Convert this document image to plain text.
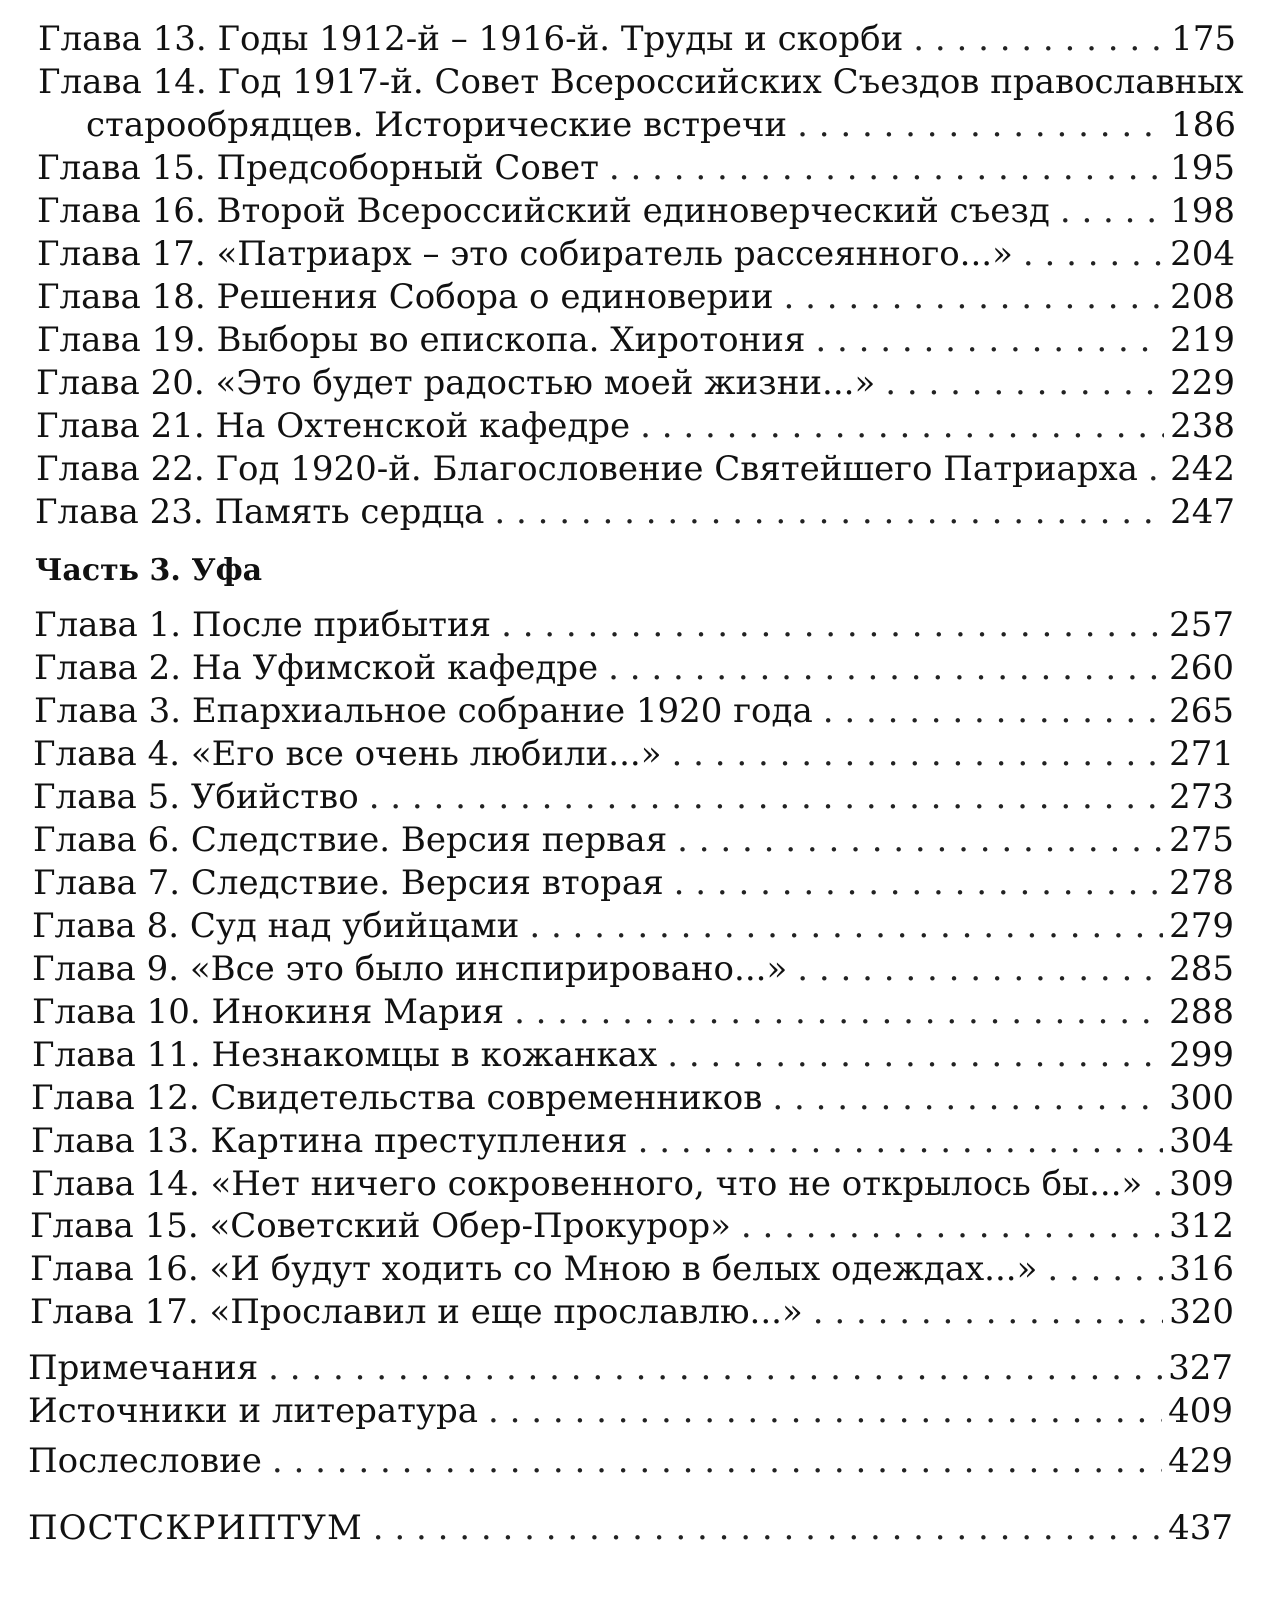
Глава 13. Годы 1912-й – 1916-й. Труды и скорби . . .	175
Глава 14. Год 1917-й. Совет Всероссийских Съездов православных
староoбрядцев. Исторические встречи . . .	186
Глава 15. Предсоборный Совет . . .	195
Глава 16. Второй Всероссийский единоверческий съезд . . .	198
Глава 17. «Патриарх – это собиратель рассеянного...» . . .	204
Глава 18. Решения Собора о единоверии . . .	208
Глава 19. Выборы во епископа. Хиротония . . .	219
Глава 20. «Это будет радостью моей жизни...» . . .	229
Глава 21. На Охтенской кафедре . . .	238
Глава 22. Год 1920-й. Благословение Святейшего Патриарха . . . 242
Глава 23. Память сердца . . .	247
Часть 3. Уфа
Глава 1. После прибытия . . .	257
Глава 2. На Уфимской кафедре . . .	260
Глава 3. Епархиальное собрание 1920 года . . .	265
Глава 4. «Его все очень любили...» . . .	271
Глава 5. Убийство . . .	273
Глава 6. Следствие. Версия первая . . .	275
Глава 7. Следствие. Версия вторая . . .	278
Глава 8. Суд над убийцами . . .	279
Глава 9. «Все это было инспирировано...» . . .	285
Глава 10. Инокиня Мария . . .	288
Глава 11. Незнакомцы в кожанках . . .	299
Глава 12. Свидетельства современников . . .	300
Глава 13. Картина преступления . . .	304
Глава 14. «Нет ничего сокровенного, что не открылось бы...» . . . 309
Глава 15. «Советский Обер-Прокурор» . . .	312
Глава 16. «И будут ходить со Мною в белых одеждах...» . . .	316
Глава 17. «Прославил и еще прославлю...» . . .	320
Примечания . . .	327
Источники и литература . . .	409
Послесловие . . .	429
ПОСТСКРИПТУМ . . .	437
